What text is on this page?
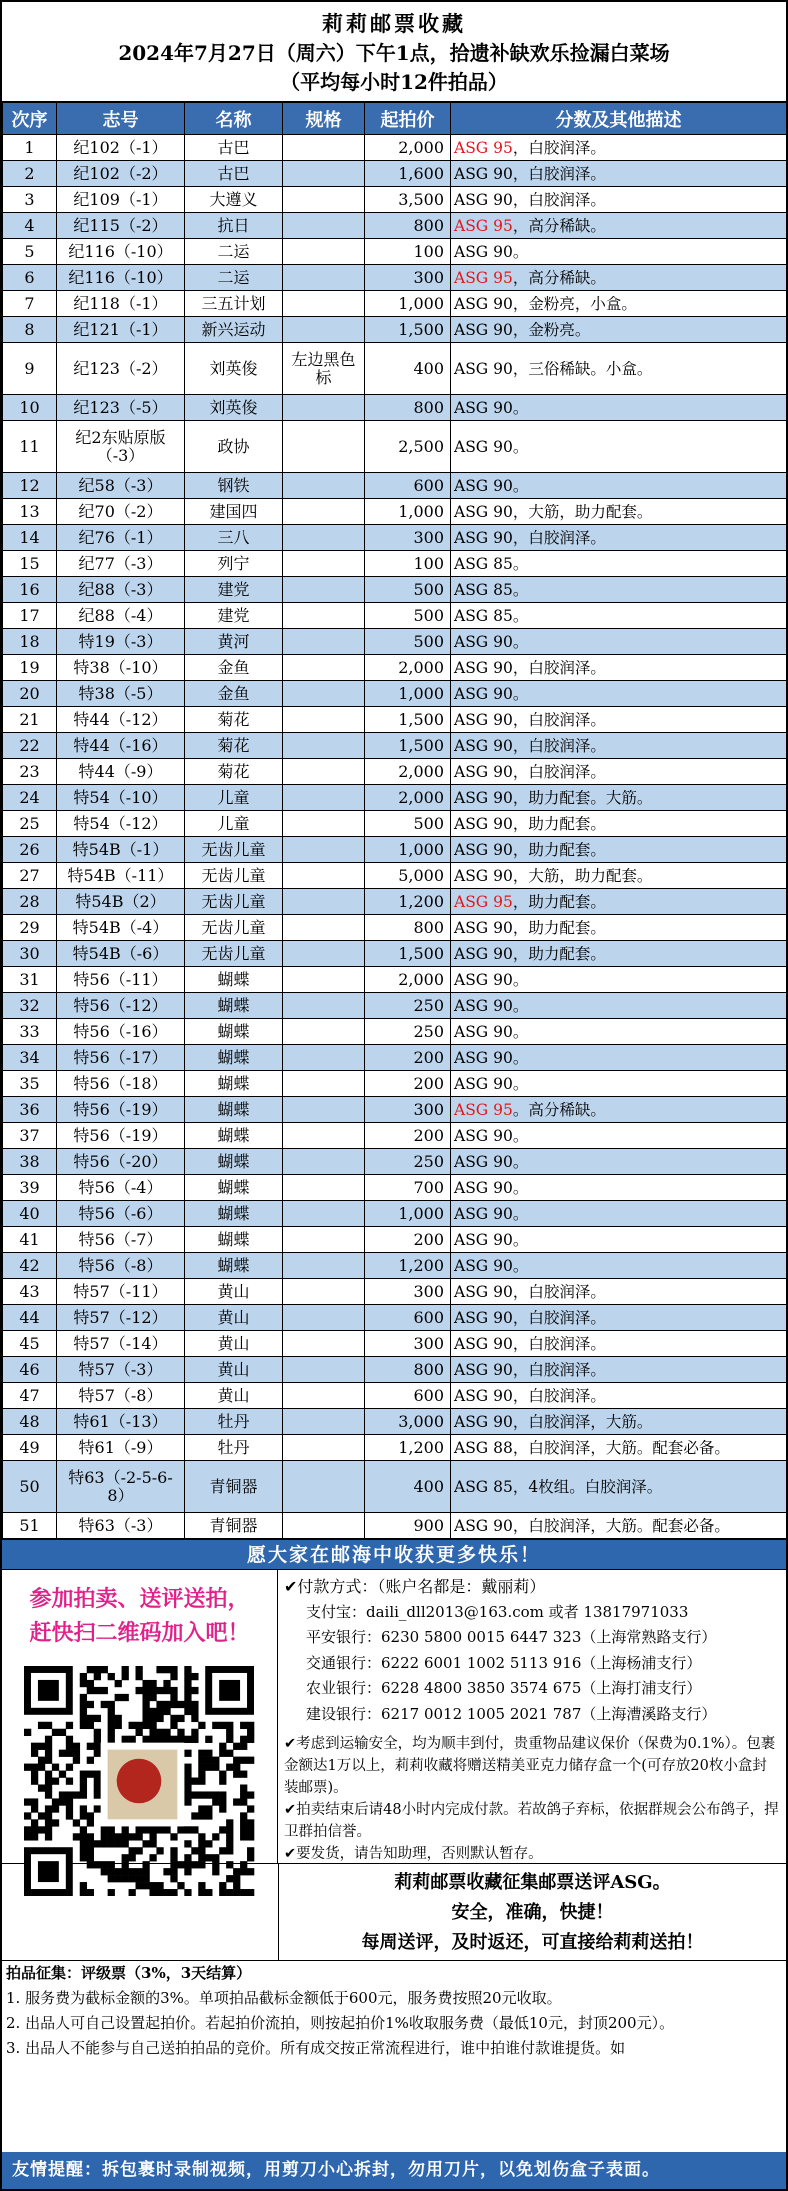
莉莉邮票收藏
2024年7月27日（周六）下午1点，拾遗补缺欢乐捡漏白菜场
（平均每小时12件拍品）
次序	志号	名称	规格	起拍价	分数及其他描述
1	纪102（-1）	古巴		2,000	ASG 95，白胶润泽。
2	纪102（-2）	古巴		1,600	ASG 90，白胶润泽。
3	纪109（-1）	大遵义		3,500	ASG 90，白胶润泽。
4	纪115（-2）	抗日		800	ASG 95，高分稀缺。
5	纪116（-10）	二运		100	ASG 90。
6	纪116（-10）	二运		300	ASG 95，高分稀缺。
7	纪118（-1）	三五计划		1,000	ASG 90，金粉亮，小盒。
8	纪121（-1）	新兴运动		1,500	ASG 90，金粉亮。
9	纪123（-2）	刘英俊	左边黑色标	400	ASG 90，三俗稀缺。小盒。
10	纪123（-5）	刘英俊		800	ASG 90。
11	纪2东贴原版（-3）	政协		2,500	ASG 90。
12	纪58（-3）	钢铁		600	ASG 90。
13	纪70（-2）	建国四		1,000	ASG 90，大筋，助力配套。
14	纪76（-1）	三八		300	ASG 90，白胶润泽。
15	纪77（-3）	列宁		100	ASG 85。
16	纪88（-3）	建党		500	ASG 85。
17	纪88（-4）	建党		500	ASG 85。
18	特19（-3）	黄河		500	ASG 90。
19	特38（-10）	金鱼		2,000	ASG 90，白胶润泽。
20	特38（-5）	金鱼		1,000	ASG 90。
21	特44（-12）	菊花		1,500	ASG 90，白胶润泽。
22	特44（-16）	菊花		1,500	ASG 90，白胶润泽。
23	特44（-9）	菊花		2,000	ASG 90，白胶润泽。
24	特54（-10）	儿童		2,000	ASG 90，助力配套。大筋。
25	特54（-12）	儿童		500	ASG 90，助力配套。
26	特54B（-1）	无齿儿童		1,000	ASG 90，助力配套。
27	特54B（-11）	无齿儿童		5,000	ASG 90，大筋，助力配套。
28	特54B（2）	无齿儿童		1,200	ASG 95，助力配套。
29	特54B（-4）	无齿儿童		800	ASG 90，助力配套。
30	特54B（-6）	无齿儿童		1,500	ASG 90，助力配套。
31	特56（-11）	蝴蝶		2,000	ASG 90。
32	特56（-12）	蝴蝶		250	ASG 90。
33	特56（-16）	蝴蝶		250	ASG 90。
34	特56（-17）	蝴蝶		200	ASG 90。
35	特56（-18）	蝴蝶		200	ASG 90。
36	特56（-19）	蝴蝶		300	ASG 95。高分稀缺。
37	特56（-19）	蝴蝶		200	ASG 90。
38	特56（-20）	蝴蝶		250	ASG 90。
39	特56（-4）	蝴蝶		700	ASG 90。
40	特56（-6）	蝴蝶		1,000	ASG 90。
41	特56（-7）	蝴蝶		200	ASG 90。
42	特56（-8）	蝴蝶		1,200	ASG 90。
43	特57（-11）	黄山		300	ASG 90，白胶润泽。
44	特57（-12）	黄山		600	ASG 90，白胶润泽。
45	特57（-14）	黄山		300	ASG 90，白胶润泽。
46	特57（-3）	黄山		800	ASG 90，白胶润泽。
47	特57（-8）	黄山		600	ASG 90，白胶润泽。
48	特61（-13）	牡丹		3,000	ASG 90，白胶润泽，大筋。
49	特61（-9）	牡丹		1,200	ASG 88，白胶润泽，大筋。配套必备。
50	特63（-2-5-6-8）	青铜器		400	ASG 85，4枚组。白胶润泽。
51	特63（-3）	青铜器		900	ASG 90，白胶润泽，大筋。配套必备。
愿大家在邮海中收获更多快乐！
参加拍卖、送评送拍，
赶快扫二维码加入吧！
✔付款方式：（账户名都是：戴丽莉）
支付宝：daili_dll2013@163.com 或者 13817971033
平安银行：6230 5800 0015 6447 323（上海常熟路支行）
交通银行：6222 6001 1002 5113 916（上海杨浦支行）
农业银行：6228 4800 3850 3574 675（上海打浦支行）
建设银行：6217 0012 1005 2021 787（上海漕溪路支行）
✔考虑到运输安全，均为顺丰到付，贵重物品建议保价（保费为0.1%）。包裹金额达1万以上，莉莉收藏将赠送精美亚克力储存盒一个(可存放20枚小盒封装邮票)。
✔拍卖结束后请48小时内完成付款。若故鸽子弃标，依据群规会公布鸽子，捍卫群拍信誉。
✔要发货，请告知助理，否则默认暂存。
莉莉邮票收藏征集邮票送评ASG。
安全，准确，快捷！
每周送评，及时返还，可直接给莉莉送拍！
拍品征集：评级票（3%，3天结算）
1. 服务费为截标金额的3%。单项拍品截标金额低于600元，服务费按照20元收取。
2. 出品人可自己设置起拍价。若起拍价流拍，则按起拍价1%收取服务费（最低10元，封顶200元）。
3. 出品人不能参与自己送拍拍品的竞价。所有成交按正常流程进行，谁中拍谁付款谁提货。如
友情提醒：拆包裹时录制视频，用剪刀小心拆封，勿用刀片，以免划伤盒子表面。
